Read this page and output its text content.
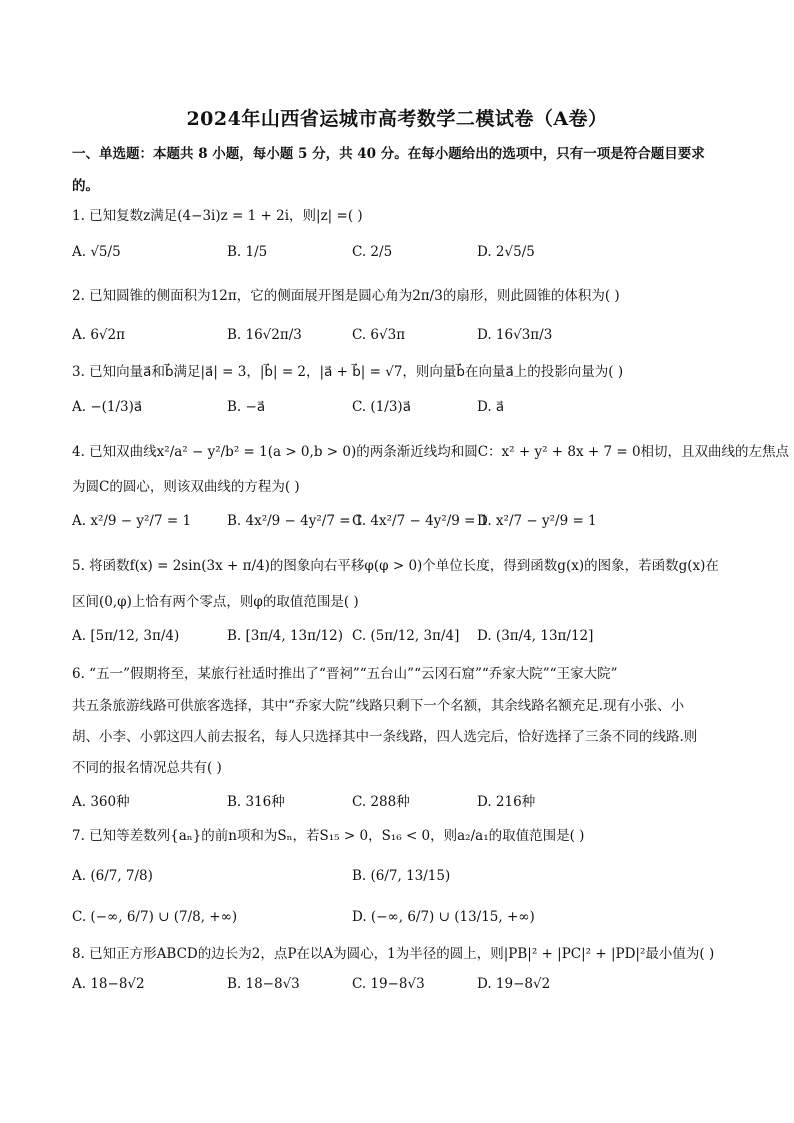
2024年山西省运城市高考数学二模试卷（A卷）
一、单选题：本题共 8 小题，每小题 5 分，共 40 分。在每小题给出的选项中，只有一项是符合题目要求
的。
1. 已知复数z满足(4−3i)z = 1 + 2i，则|z| =( )
A. √5/5	B. 1/5	C. 2/5	D. 2√5/5
2. 已知圆锥的侧面积为12π，它的侧面展开图是圆心角为2π/3的扇形，则此圆锥的体积为( )
A. 6√2π	B. 16√2π/3	C. 6√3π	D. 16√3π/3
3. 已知向量a⃗和b⃗满足|a⃗| = 3，|b⃗| = 2，|a⃗ + b⃗| = √7，则向量b⃗在向量a⃗上的投影向量为( )
A. −(1/3)a⃗	B. −a⃗	C. (1/3)a⃗	D. a⃗
4. 已知双曲线x²/a² − y²/b² = 1(a > 0,b > 0)的两条渐近线均和圆C：x² + y² + 8x + 7 = 0相切，且双曲线的左焦点
为圆C的圆心，则该双曲线的方程为( )
A. x²/9 − y²/7 = 1	B. 4x²/9 − 4y²/7 = 1
C. 4x²/7 − 4y²/9 = 1
D. x²/7 − y²/9 = 1
5. 将函数f(x) = 2sin(3x + π/4)的图象向右平移φ(φ > 0)个单位长度，得到函数g(x)的图象，若函数g(x)在
区间(0,φ)上恰有两个零点，则φ的取值范围是( )
A. [5π/12, 3π/4)	B. [3π/4, 13π/12) C. (5π/12, 3π/4] D. (3π/4, 13π/12]
6. “五一”假期将至，某旅行社适时推出了“晋祠”“五台山”“云冈石窟”“乔家大院”“王家大院”
共五条旅游线路可供旅客选择，其中“乔家大院”线路只剩下一个名额，其余线路名额充足.现有小张、小
胡、小李、小郭这四人前去报名，每人只选择其中一条线路，四人选完后，恰好选择了三条不同的线路.则
不同的报名情况总共有( )
A. 360种	B. 316种	C. 288种	D. 216种
7. 已知等差数列{aₙ}的前n项和为Sₙ，若S₁₅ > 0，S₁₆ < 0，则a₂/a₁的取值范围是( )
A. (6/7, 7/8)	B. (6/7, 13/15)
C. (−∞, 6/7) ∪ (7/8, +∞)	D. (−∞, 6/7) ∪ (13/15, +∞)
8. 已知正方形ABCD的边长为2，点P在以A为圆心，1为半径的圆上，则|PB|² + |PC|² + |PD|²最小值为( )
A. 18−8√2	B. 18−8√3	C. 19−8√3	D. 19−8√2
